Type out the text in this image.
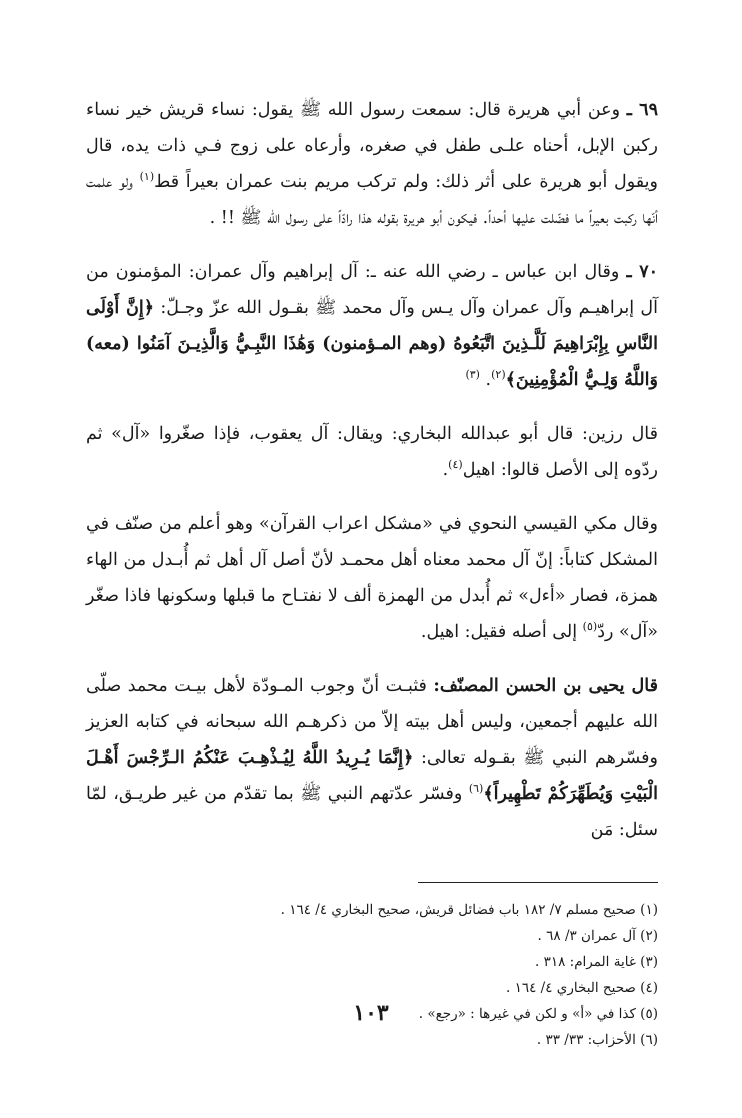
٦٩ ـ وعن أبي هريرة قال: سمعت رسول الله ﷺ يقول: نساء قريش خير نساء ركبن الإبل، أحناه علـى طفل في صغره، وأرعاه على زوج فـي ذات يده، قال ويقول أبو هريرة على أثر ذلك: ولم تركب مريم بنت عمران بعيراً قط$^{(١)}$ ولو علمت أنّها ركبت بعيراً ما فضّلت عليها أحداً. فيكون أبو هريرة بقوله هذا رادّاً على رسول الله ﷺ !! .

٧٠ ـ وقال ابن عباس ـ رضي الله عنه ـ: آل إبراهيم وآل عمران: المؤمنون من آل إبراهيـم وآل عمران وآل يـس وآل محمد ﷺ بقـول الله عزّ وجـلّ: ﴿إِنَّ أَوْلَى النَّاسِ بِإِبْرَاهِيمَ لَلَّـذِينَ اتَّبَعُوهُ (وهم المـؤمنون) وَهَٰذَا النَّبِـيُّ وَالَّذِيـنَ آمَنُوا (معه) وَاللَّهُ وَلِـيُّ الْمُؤْمِنِينَ﴾$^{(٢)}$. $^{(٣)}$

قال رزين: قال أبو عبدالله البخاري: ويقال: آل يعقوب، فإذا صغّروا «آل» ثم ردّوه إلى الأصل قالوا: اهيل$^{(٤)}$.

وقال مكي القيسي النحوي في «مشكل اعراب القرآن» وهو أعلم من صنّف في المشكل كتاباً: إنّ آل محمد معناه أهل محمـد لأنّ أصل آل أهل ثم أُبـدل من الهاء همزة، فصار «أءل» ثم أُبدل من الهمزة ألف لا نفتـاح ما قبلها وسكونها فاذا صغّر «آل» ردّ$^{(٥)}$ إلى أصله فقيل: اهيل.

قال يحيى بن الحسن المصنّف: فثبـت أنّ وجوب المـودّة لأهل بيـت محمد صلّى الله عليهم أجمعين، وليس أهل بيته إلاّ من ذكرهـم الله سبحانه في كتابه العزيز وفسّرهم النبي ﷺ بقـوله تعالى: ﴿إِنَّمَا يُـرِيدُ اللَّهُ لِيُـذْهِـبَ عَنْكُمُ الـرِّجْسَ أَهْـلَ الْبَيْتِ وَيُطَهِّرَكُمْ تَطْهِيراً﴾$^{(٦)}$ وفسّر عدّتهم النبي ﷺ بما تقدّم من غير طريـق، لمّا سئل: مَن

(١) صحيح مسلم ٧/ ١٨٢ باب فضائل قريش، صحيح البخاري ٤/ ١٦٤ .
(٢) آل عمران ٣/ ٦٨ .
(٣) غاية المرام: ٣١٨ .
(٤) صحيح البخاري ٤/ ١٦٤ .
(٥) كذا في «أ» و لكن في غيرها : «رجع» .
(٦) الأحزاب: ٣٣/ ٣٣ .
١٠٣
